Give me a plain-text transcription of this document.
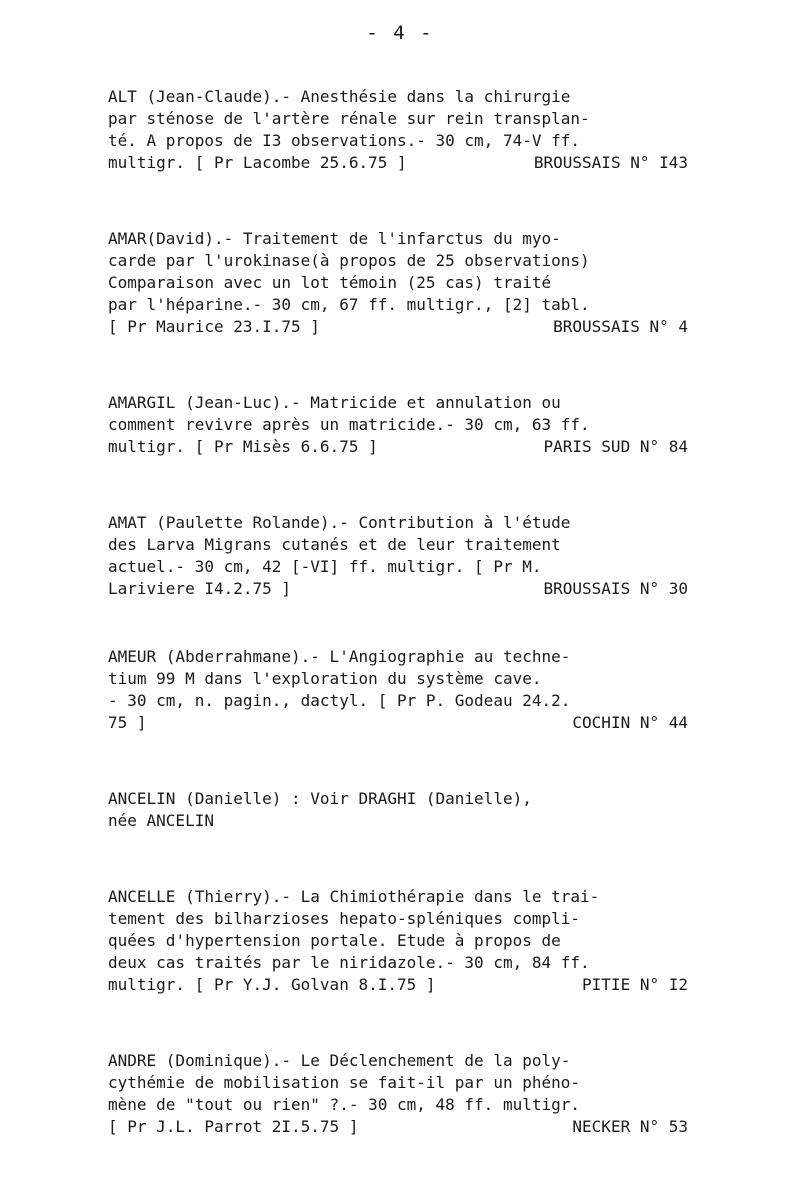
- 4 -
ALT (Jean-Claude).- Anesthésie dans la chirurgie
par sténose de l'artère rénale sur rein transplan-
té. A propos de I3 observations.- 30 cm, 74-V ff.
multigr. [ Pr Lacombe 25.6.75 ]	BROUSSAIS N° I43
AMAR(David).- Traitement de l'infarctus du myo-
carde par l'urokinase(à propos de 25 observations)
Comparaison avec un lot témoin (25 cas) traité
par l'héparine.- 30 cm, 67 ff. multigr., [2] tabl.
[ Pr Maurice 23.I.75 ]	BROUSSAIS N° 4
AMARGIL (Jean-Luc).- Matricide et annulation ou
comment revivre après un matricide.- 30 cm, 63 ff.
multigr. [ Pr Misès 6.6.75 ]	PARIS SUD N° 84
AMAT (Paulette Rolande).- Contribution à l'étude
des Larva Migrans cutanés et de leur traitement
actuel.- 30 cm, 42 [-VI] ff. multigr. [ Pr M.
Lariviere I4.2.75 ]	BROUSSAIS N° 30
AMEUR (Abderrahmane).- L'Angiographie au techne-
tium 99 M dans l'exploration du système cave.
- 30 cm, n. pagin., dactyl. [ Pr P. Godeau 24.2.
75 ]	COCHIN N° 44
ANCELIN (Danielle) : Voir DRAGHI (Danielle),
née ANCELIN
ANCELLE (Thierry).- La Chimiothérapie dans le trai-
tement des bilharzioses hepato-spléniques compli-
quées d'hypertension portale. Etude à propos de
deux cas traités par le niridazole.- 30 cm, 84 ff.
multigr. [ Pr Y.J. Golvan 8.I.75 ]	PITIE N° I2
ANDRE (Dominique).- Le Déclenchement de la poly-
cythémie de mobilisation se fait-il par un phéno-
mène de "tout ou rien" ?.- 30 cm, 48 ff. multigr.
[ Pr J.L. Parrot 2I.5.75 ]	NECKER N° 53
